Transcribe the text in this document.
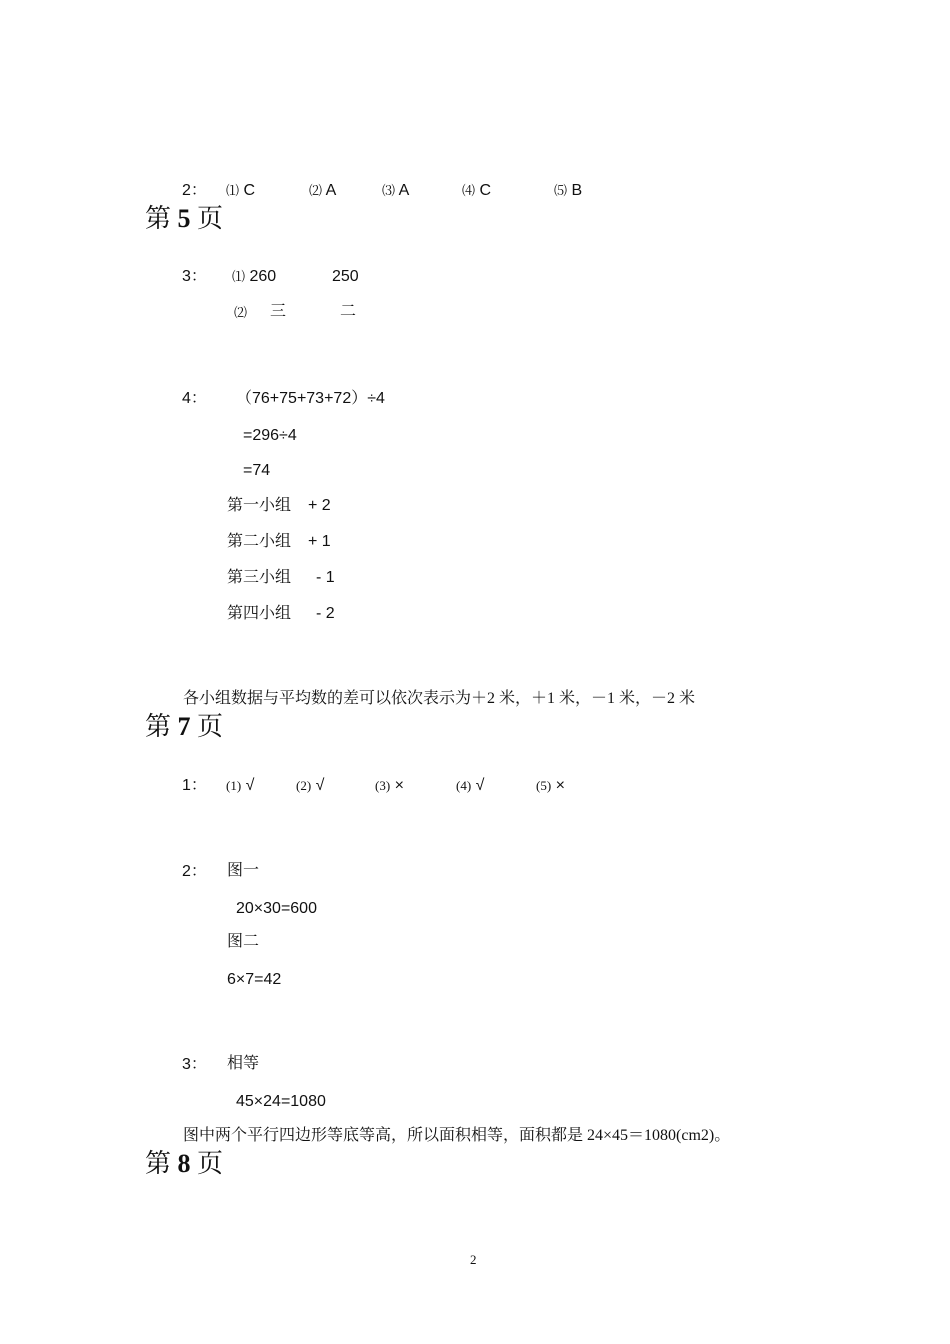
2： ⑴ C	⑵ A	⑶ A	⑷ C	⑸ B
第 5 页
3： ⑴ 260	250
⑵ 三	二
4： （76+75+73+72）÷4
=296÷4
=74
第一小组 + 2
第二小组 + 1
第三小组 - 1
第四小组 - 2
各小组数据与平均数的差可以依次表示为＋2 米，＋1 米，－1 米，－2 米
第 7 页
1： (1) √	(2) √	(3) ×	(4) √	(5) ×
2： 图一
20×30=600
图二
6×7=42
3： 相等
45×24=1080
图中两个平行四边形等底等高，所以面积相等，面积都是 24×45＝1080(cm2)。
第 8 页
2
